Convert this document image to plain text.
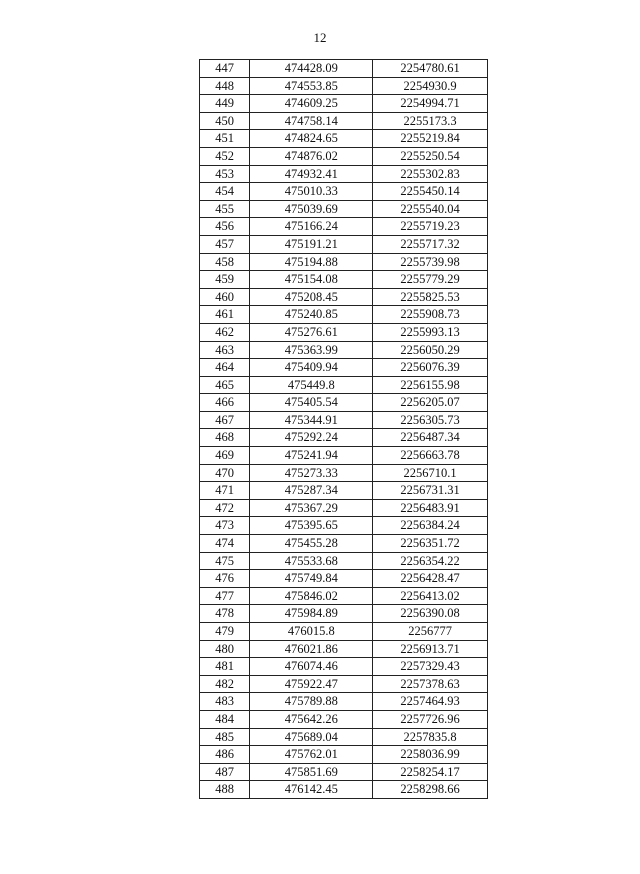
12
447	474428.09	2254780.61
448	474553.85	2254930.9
449	474609.25	2254994.71
450	474758.14	2255173.3
451	474824.65	2255219.84
452	474876.02	2255250.54
453	474932.41	2255302.83
454	475010.33	2255450.14
455	475039.69	2255540.04
456	475166.24	2255719.23
457	475191.21	2255717.32
458	475194.88	2255739.98
459	475154.08	2255779.29
460	475208.45	2255825.53
461	475240.85	2255908.73
462	475276.61	2255993.13
463	475363.99	2256050.29
464	475409.94	2256076.39
465	475449.8	2256155.98
466	475405.54	2256205.07
467	475344.91	2256305.73
468	475292.24	2256487.34
469	475241.94	2256663.78
470	475273.33	2256710.1
471	475287.34	2256731.31
472	475367.29	2256483.91
473	475395.65	2256384.24
474	475455.28	2256351.72
475	475533.68	2256354.22
476	475749.84	2256428.47
477	475846.02	2256413.02
478	475984.89	2256390.08
479	476015.8	2256777
480	476021.86	2256913.71
481	476074.46	2257329.43
482	475922.47	2257378.63
483	475789.88	2257464.93
484	475642.26	2257726.96
485	475689.04	2257835.8
486	475762.01	2258036.99
487	475851.69	2258254.17
488	476142.45	2258298.66
